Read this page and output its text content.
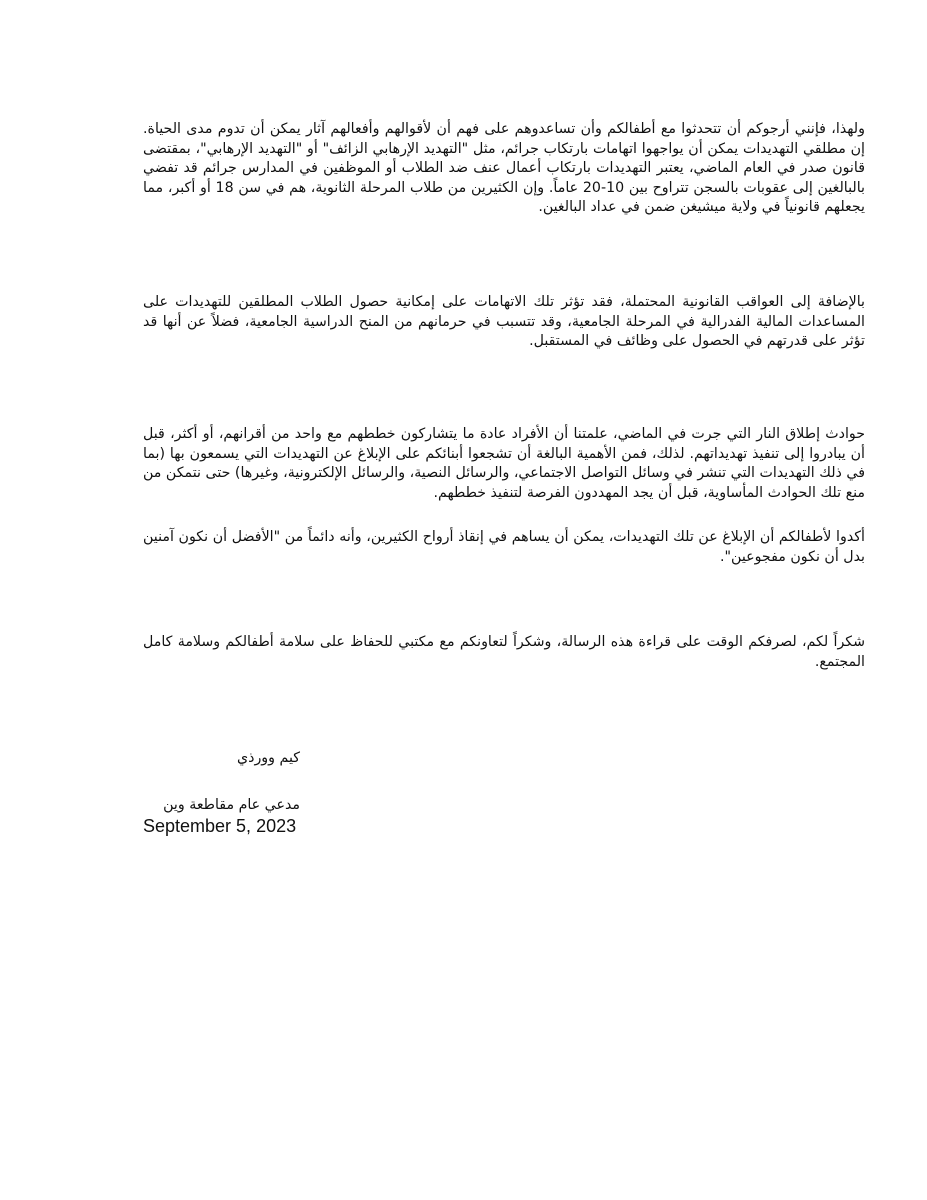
ولهذا، فإنني أرجوكم أن تتحدثوا مع أطفالكم وأن تساعدوهم على فهم أن لأقوالهم وأفعالهم آثار يمكن أن تدوم مدى الحياة. إن مطلقي التهديدات يمكن أن يواجهوا اتهامات بارتكاب جرائم، مثل "التهديد الإرهابي الزائف" أو "التهديد الإرهابي"، بمقتضى قانون صدر في العام الماضي، يعتبر التهديدات بارتكاب أعمال عنف ضد الطلاب أو الموظفين في المدارس جرائم قد تفضي بالبالغين إلى عقوبات بالسجن تتراوح بين 10-20 عاماً. وإن الكثيرين من طلاب المرحلة الثانوية، هم في سن 18 أو أكبر، مما يجعلهم قانونياً في ولاية ميشيغن ضمن في عداد البالغين.

بالإضافة إلى العواقب القانونية المحتملة، فقد تؤثر تلك الاتهامات على إمكانية حصول الطلاب المطلقين للتهديدات على المساعدات المالية الفدرالية في المرحلة الجامعية، وقد تتسبب في حرمانهم من المنح الدراسية الجامعية، فضلاً عن أنها قد تؤثر على قدرتهم في الحصول على وظائف في المستقبل.

حوادث إطلاق النار التي جرت في الماضي، علمتنا أن الأفراد عادة ما يتشاركون خططهم مع واحد من أقرانهم، أو أكثر، قبل أن يبادروا إلى تنفيذ تهديداتهم. لذلك، فمن الأهمية البالغة أن تشجعوا أبنائكم على الإبلاغ عن التهديدات التي يسمعون بها (بما في ذلك التهديدات التي تنشر في وسائل التواصل الاجتماعي، والرسائل النصية، والرسائل الإلكترونية، وغيرها) حتى نتمكن من منع تلك الحوادث المأساوية، قبل أن يجد المهددون الفرصة لتنفيذ خططهم.

أكدوا لأطفالكم أن الإبلاغ عن تلك التهديدات، يمكن أن يساهم في إنقاذ أرواح الكثيرين، وأنه دائماً من "الأفضل أن نكون آمنين بدل أن نكون مفجوعين".

شكراً لكم، لصرفكم الوقت على قراءة هذه الرسالة، وشكراً لتعاونكم مع مكتبي للحفاظ على سلامة أطفالكم وسلامة كامل المجتمع.

كيم وورذي
مدعي عام مقاطعة وين
September 5, 2023
